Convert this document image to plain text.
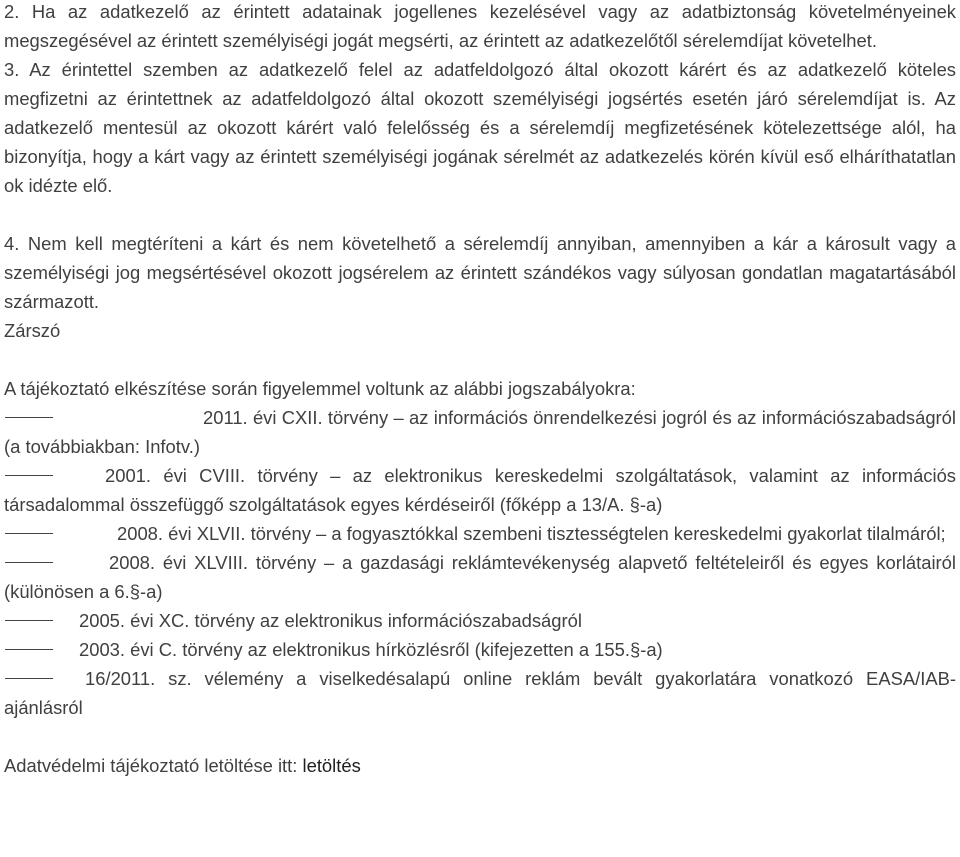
2. Ha az adatkezelő az érintett adatainak jogellenes kezelésével vagy az adatbiztonság követelményeinek megszegésével az érintett személyiségi jogát megsérti, az érintett az adatkezelőtől sérelemdíjat követelhet.

3. Az érintettel szemben az adatkezelő felel az adatfeldolgozó által okozott kárért és az adatkezelő köteles megfizetni az érintettnek az adatfeldolgozó által okozott személyiségi jogsértés esetén járó sérelemdíjat is. Az adatkezelő mentesül az okozott kárért való felelősség és a sérelemdíj megfizetésének kötelezettsége alól, ha bizonyítja, hogy a kárt vagy az érintett személyiségi jogának sérelmét az adatkezelés körén kívül eső elháríthatatlan ok idézte elő.

4. Nem kell megtéríteni a kárt és nem követelhető a sérelemdíj annyiban, amennyiben a kár a károsult vagy a személyiségi jog megsértésével okozott jogsérelem az érintett szándékos vagy súlyosan gondatlan magatartásából származott.

Zárszó

A tájékoztató elkészítése során figyelemmel voltunk az alábbi jogszabályokra:

2011. évi CXII. törvény – az információs önrendelkezési jogról és az információszabadságról (a továbbiakban: Infotv.)

2001. évi CVIII. törvény – az elektronikus kereskedelmi szolgáltatások, valamint az információs társadalommal összefüggő szolgáltatások egyes kérdéseiről (főképp a 13/A. §-a)

2008. évi XLVII. törvény – a fogyasztókkal szembeni tisztességtelen kereskedelmi gyakorlat tilalmáról;

2008. évi XLVIII. törvény – a gazdasági reklámtevékenység alapvető feltételeiről és egyes korlátairól (különösen a 6.§-a)

2005. évi XC. törvény az elektronikus információszabadságról

2003. évi C. törvény az elektronikus hírközlésről (kifejezetten a 155.§-a)

16/2011. sz. vélemény a viselkedésalapú online reklám bevált gyakorlatára vonatkozó EASA/IAB-ajánlásról

Adatvédelmi tájékoztató letöltése itt: letöltés
